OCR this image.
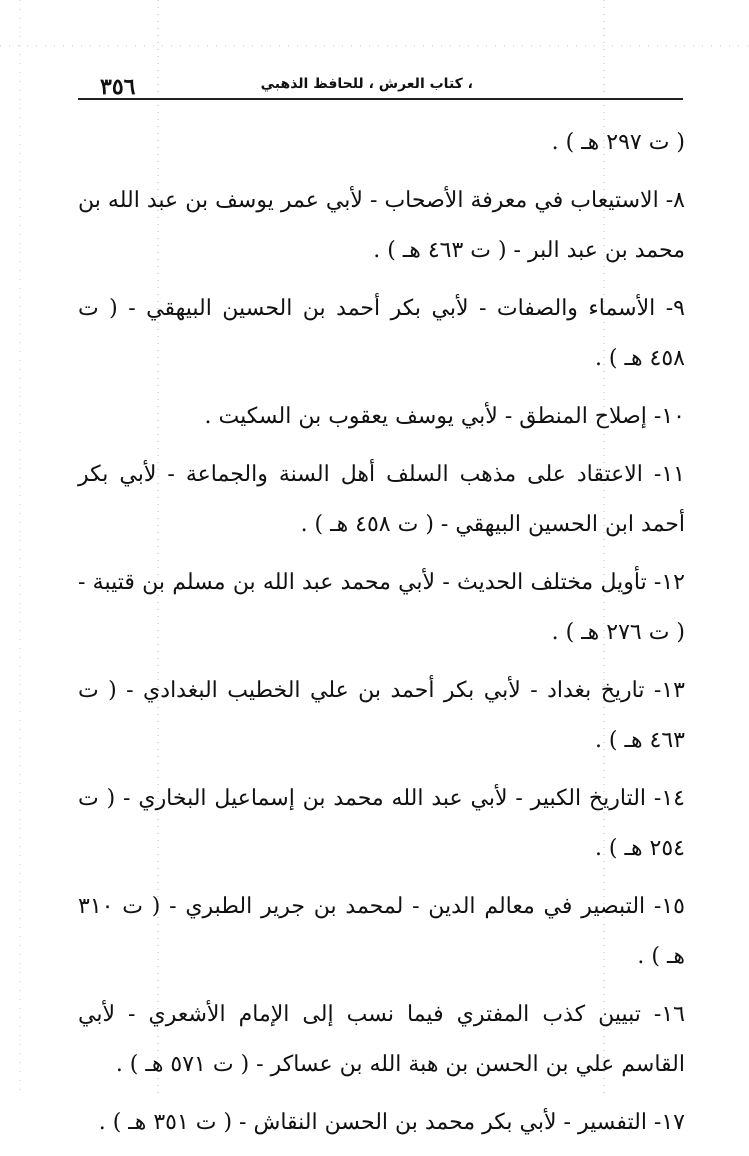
٣٥٦	، كتاب العرش ، للحافظ الذهبي

( ت ٢٩٧ هـ ) .

٨- الاستيعاب في معرفة الأصحاب - لأبي عمر يوسف بن عبد الله بن محمد بن عبد البر - ( ت ٤٦٣ هـ ) .

٩- الأسماء والصفات - لأبي بكر أحمد بن الحسين البيهقي - ( ت ٤٥٨ هـ ) .

١٠- إصلاح المنطق - لأبي يوسف يعقوب بن السكيت .

١١- الاعتقاد على مذهب السلف أهل السنة والجماعة - لأبي بكر أحمد ابن الحسين البيهقي - ( ت ٤٥٨ هـ ) .

١٢- تأويل مختلف الحديث - لأبي محمد عبد الله بن مسلم بن قتيبة - ( ت ٢٧٦ هـ ) .

١٣- تاريخ بغداد - لأبي بكر أحمد بن علي الخطيب البغدادي - ( ت ٤٦٣ هـ ) .

١٤- التاريخ الكبير - لأبي عبد الله محمد بن إسماعيل البخاري - ( ت ٢٥٤ هـ ) .

١٥- التبصير في معالم الدين - لمحمد بن جرير الطبري - ( ت ٣١٠ هـ ) .

١٦- تبيين كذب المفتري فيما نسب إلى الإمام الأشعري - لأبي القاسم علي بن الحسن بن هبة الله بن عساكر - ( ت ٥٧١ هـ ) .

١٧- التفسير - لأبي بكر محمد بن الحسن النقاش - ( ت ٣٥١ هـ ) .
